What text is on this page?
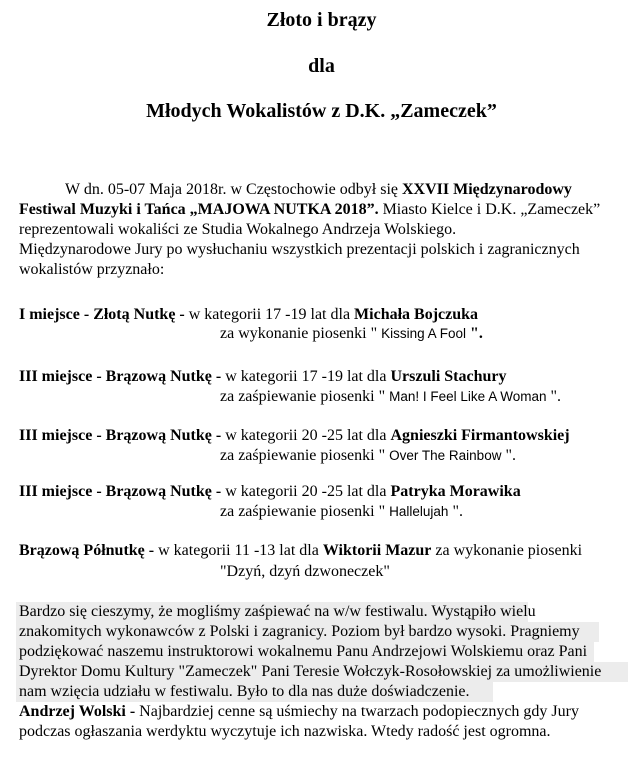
Złoto i brązy
dla
Młodych Wokalistów z D.K. „Zameczek”
W dn. 05-07 Maja 2018r. w Częstochowie odbył się XXVII Międzynarodowy
Festiwal Muzyki i Tańca „MAJOWA NUTKA 2018”. Miasto Kielce i D.K. „Zameczek”
reprezentowali wokaliści ze Studia Wokalnego Andrzeja Wolskiego.
Międzynarodowe Jury po wysłuchaniu wszystkich prezentacji polskich i zagranicznych
wokalistów przyznało:
I miejsce - Złotą Nutkę - w kategorii 17 -19 lat dla Michała Bojczuka
za wykonanie piosenki " Kissing A Fool ".
III miejsce - Brązową Nutkę - w kategorii 17 -19 lat dla Urszuli Stachury
za zaśpiewanie piosenki " Man! I Feel Like A Woman ".
III miejsce - Brązową Nutkę - w kategorii 20 -25 lat dla Agnieszki Firmantowskiej
za zaśpiewanie piosenki " Over The Rainbow ".
III miejsce - Brązową Nutkę - w kategorii 20 -25 lat dla Patryka Morawika
za zaśpiewanie piosenki " Hallelujah ".
Brązową Półnutkę - w kategorii 11 -13 lat dla Wiktorii Mazur za wykonanie piosenki
"Dzyń, dzyń dzwoneczek"
Bardzo się cieszymy, że mogliśmy zaśpiewać na w/w festiwalu. Wystąpiło wielu
znakomitych wykonawców z Polski i zagranicy. Poziom był bardzo wysoki. Pragniemy
podziękować naszemu instruktorowi wokalnemu Panu Andrzejowi Wolskiemu oraz Pani
Dyrektor Domu Kultury "Zameczek" Pani Teresie Wołczyk-Rosołowskiej za umożliwienie
nam wzięcia udziału w festiwalu. Było to dla nas duże doświadczenie.
Andrzej Wolski - Najbardziej cenne są uśmiechy na twarzach podopiecznych gdy Jury
podczas ogłaszania werdyktu wyczytuje ich nazwiska. Wtedy radość jest ogromna.
